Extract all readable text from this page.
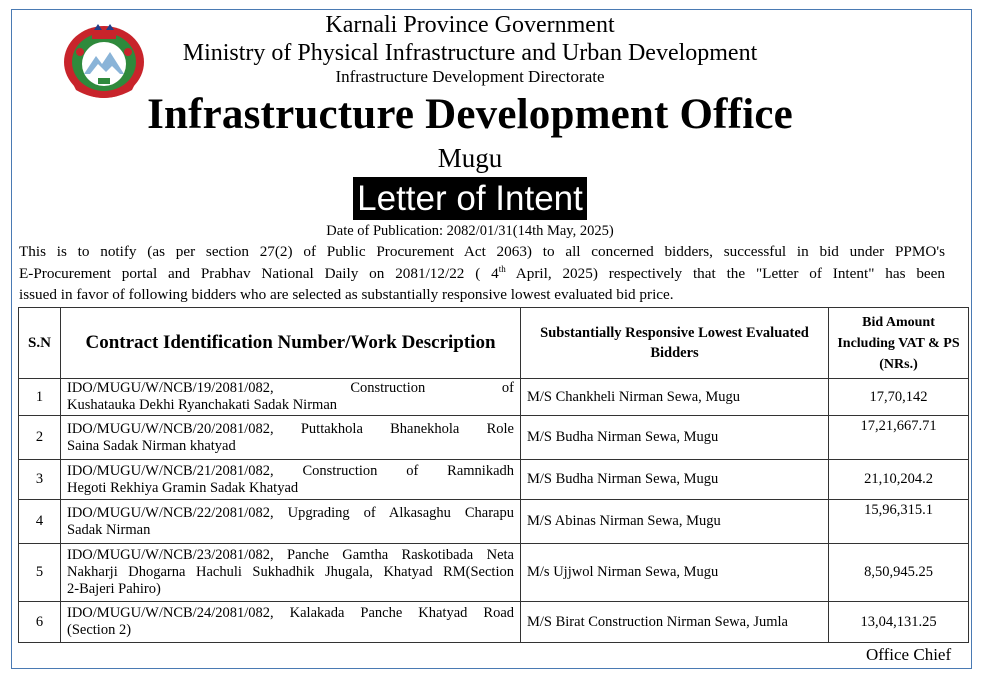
Karnali Province Government
Ministry of Physical Infrastructure and Urban Development
Infrastructure Development Directorate
Infrastructure Development Office
Mugu
Letter of Intent
Date of Publication: 2082/01/31(14th May, 2025)
This is to notify (as per section 27(2) of Public Procurement Act 2063) to all concerned bidders, successful in bid under PPMO's
E-Procurement portal and Prabhav National Daily on 2081/12/22 ( 4th April, 2025) respectively that the "Letter of Intent" has been
issued in favor of following bidders who are selected as substantially responsive lowest evaluated bid price.
S.N	Contract Identification Number/Work Description	Substantially Responsive Lowest Evaluated Bidders	Bid Amount Including VAT & PS (NRs.)
1	IDO/MUGU/W/NCB/19/2081/082, Construction of
Kushatauka Dekhi Ryanchakati Sadak Nirman	M/S Chankheli Nirman Sewa, Mugu	17,70,142
2	IDO/MUGU/W/NCB/20/2081/082, Puttakhola Bhanekhola Role
Saina Sadak Nirman khatyad	M/S Budha Nirman Sewa, Mugu	17,21,667.71
3	IDO/MUGU/W/NCB/21/2081/082, Construction of Ramnikadh
Hegoti Rekhiya Gramin Sadak Khatyad	M/S Budha Nirman Sewa, Mugu	21,10,204.2
4	IDO/MUGU/W/NCB/22/2081/082, Upgrading of Alkasaghu Charapu
Sadak Nirman	M/S Abinas Nirman Sewa, Mugu	15,96,315.1
5	IDO/MUGU/W/NCB/23/2081/082, Panche Gamtha Raskotibada Neta
Nakharji Dhogarna Hachuli Sukhadhik Jhugala, Khatyad RM(Section
2-Bajeri Pahiro)	M/s Ujjwol Nirman Sewa, Mugu	8,50,945.25
6	IDO/MUGU/W/NCB/24/2081/082, Kalakada Panche Khatyad Road
(Section 2)	M/S Birat Construction Nirman Sewa, Jumla	13,04,131.25
Office Chief
